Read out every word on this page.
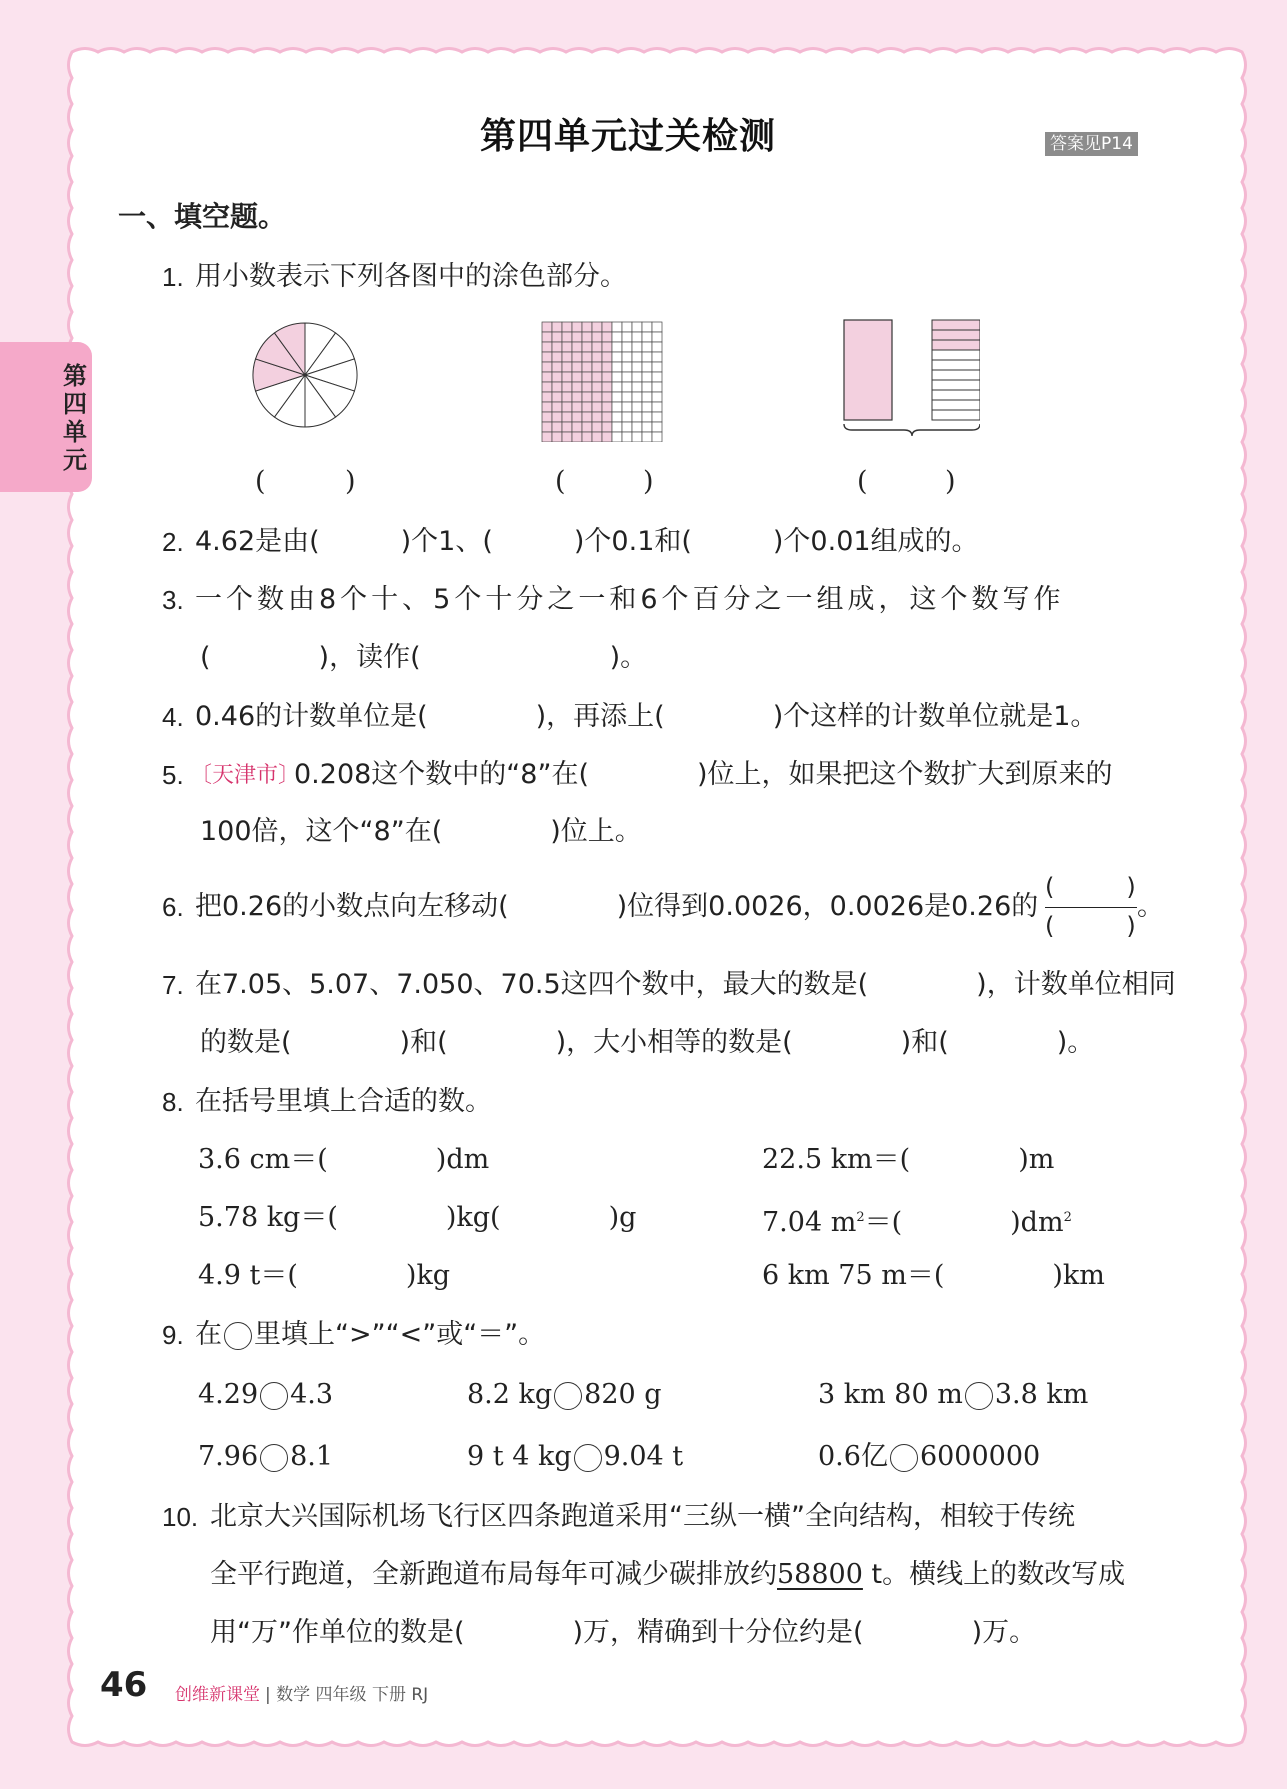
第四单元
第四单元过关检测	答案见P14
一、填空题。
1. 用小数表示下列各图中的涂色部分。
(	)	(	)	(	)
2. 4.62是由(　　　)个1、(　　　)个0.1和(　　　)个0.01组成的。
3. 一个数由8个十、5个十分之一和6个百分之一组成，这个数写作
(　　　　)，读作(　　　　　　　)。
4. 0.46的计数单位是(　　　　)，再添上(　　　　)个这样的计数单位就是1。
5. 〔天津市〕
0.208这个数中的“8”在(　　　　)位上，如果把这个数扩大到原来的
100倍，这个“8”在(　　　　)位上。
6. 把0.26的小数点向左移动(　　　　)位得到0.0026，0.0026是0.26的
(　　　)
(　　　)
。
7. 在7.05、5.07、7.050、70.5这四个数中，最大的数是(　　　　)，计数单位相同
的数是(　　　　)和(　　　　)，大小相等的数是(　　　　)和(　　　　)。
8. 在括号里填上合适的数。
3.6 cm＝(　　　　)dm	22.5 km＝(　　　　)m
5.78 kg＝(　　　　)kg(　　　　)g	7.04 $m^2=$(　　　　)$dm^2$
4.9 t＝(　　　　)kg	6 km 75 m＝(　　　　)km
9. 在 里填上“>”“<”或“＝”。
4.29 4.3	8.2 kg 820 g	3 km 80 m 3.8 km
7.96 8.1	9 t 4 kg 9.04 t	0.6亿 6000000
10. 北京大兴国际机场飞行区四条跑道采用“三纵一横”全向结构，相较于传统
全平行跑道，全新跑道布局每年可减少碳排放约58800 t。横线上的数改写成
用“万”作单位的数是(　　　　)万，精确到十分位约是(　　　　)万。
46 创维新课堂 | 数学 四年级 下册 RJ
